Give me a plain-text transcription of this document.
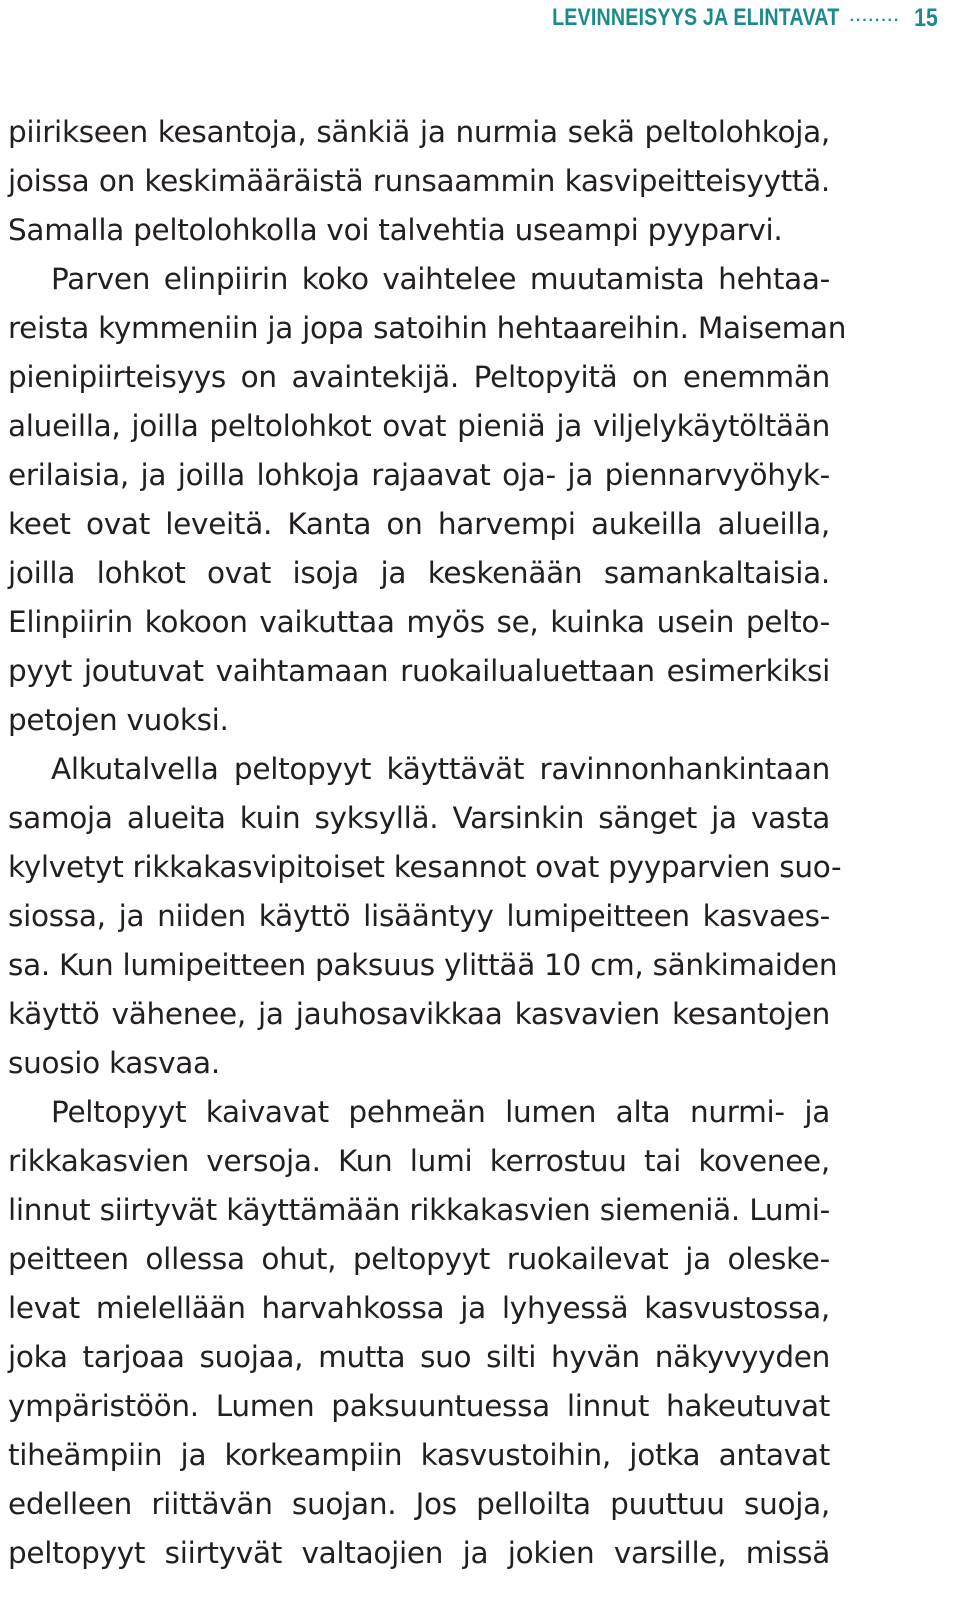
LEVINNEISYYS JA ELINTAVAT ········ 15
piirikseen kesantoja, sänkiä ja nurmia sekä peltolohkoja,
joissa on keskimääräistä runsaammin kasvipeitteisyyttä.
Samalla peltolohkolla voi talvehtia useampi pyyparvi.
Parven elinpiirin koko vaihtelee muutamista hehtaa-
reista kymmeniin ja jopa satoihin hehtaareihin. Maiseman
pienipiirteisyys on avaintekijä. Peltopyitä on enemmän
alueilla, joilla peltolohkot ovat pieniä ja viljelykäytöltään
erilaisia, ja joilla lohkoja rajaavat oja- ja piennarvyöhyk-
keet ovat leveitä. Kanta on harvempi aukeilla alueilla,
joilla lohkot ovat isoja ja keskenään samankaltaisia.
Elinpiirin kokoon vaikuttaa myös se, kuinka usein pelto-
pyyt joutuvat vaihtamaan ruokailualuettaan esimerkiksi
petojen vuoksi.
Alkutalvella peltopyyt käyttävät ravinnonhankintaan
samoja alueita kuin syksyllä. Varsinkin sänget ja vasta
kylvetyt rikkakasvipitoiset kesannot ovat pyyparvien suo-
siossa, ja niiden käyttö lisääntyy lumipeitteen kasvaes-
sa. Kun lumipeitteen paksuus ylittää 10 cm, sänkimaiden
käyttö vähenee, ja jauhosavikkaa kasvavien kesantojen
suosio kasvaa.
Peltopyyt kaivavat pehmeän lumen alta nurmi- ja
rikkakasvien versoja. Kun lumi kerrostuu tai kovenee,
linnut siirtyvät käyttämään rikkakasvien siemeniä. Lumi-
peitteen ollessa ohut, peltopyyt ruokailevat ja oleske-
levat mielellään harvahkossa ja lyhyessä kasvustossa,
joka tarjoaa suojaa, mutta suo silti hyvän näkyvyyden
ympäristöön. Lumen paksuuntuessa linnut hakeutuvat
tiheämpiin ja korkeampiin kasvustoihin, jotka antavat
edelleen riittävän suojan. Jos pelloilta puuttuu suoja,
peltopyyt siirtyvät valtaojien ja jokien varsille, missä
